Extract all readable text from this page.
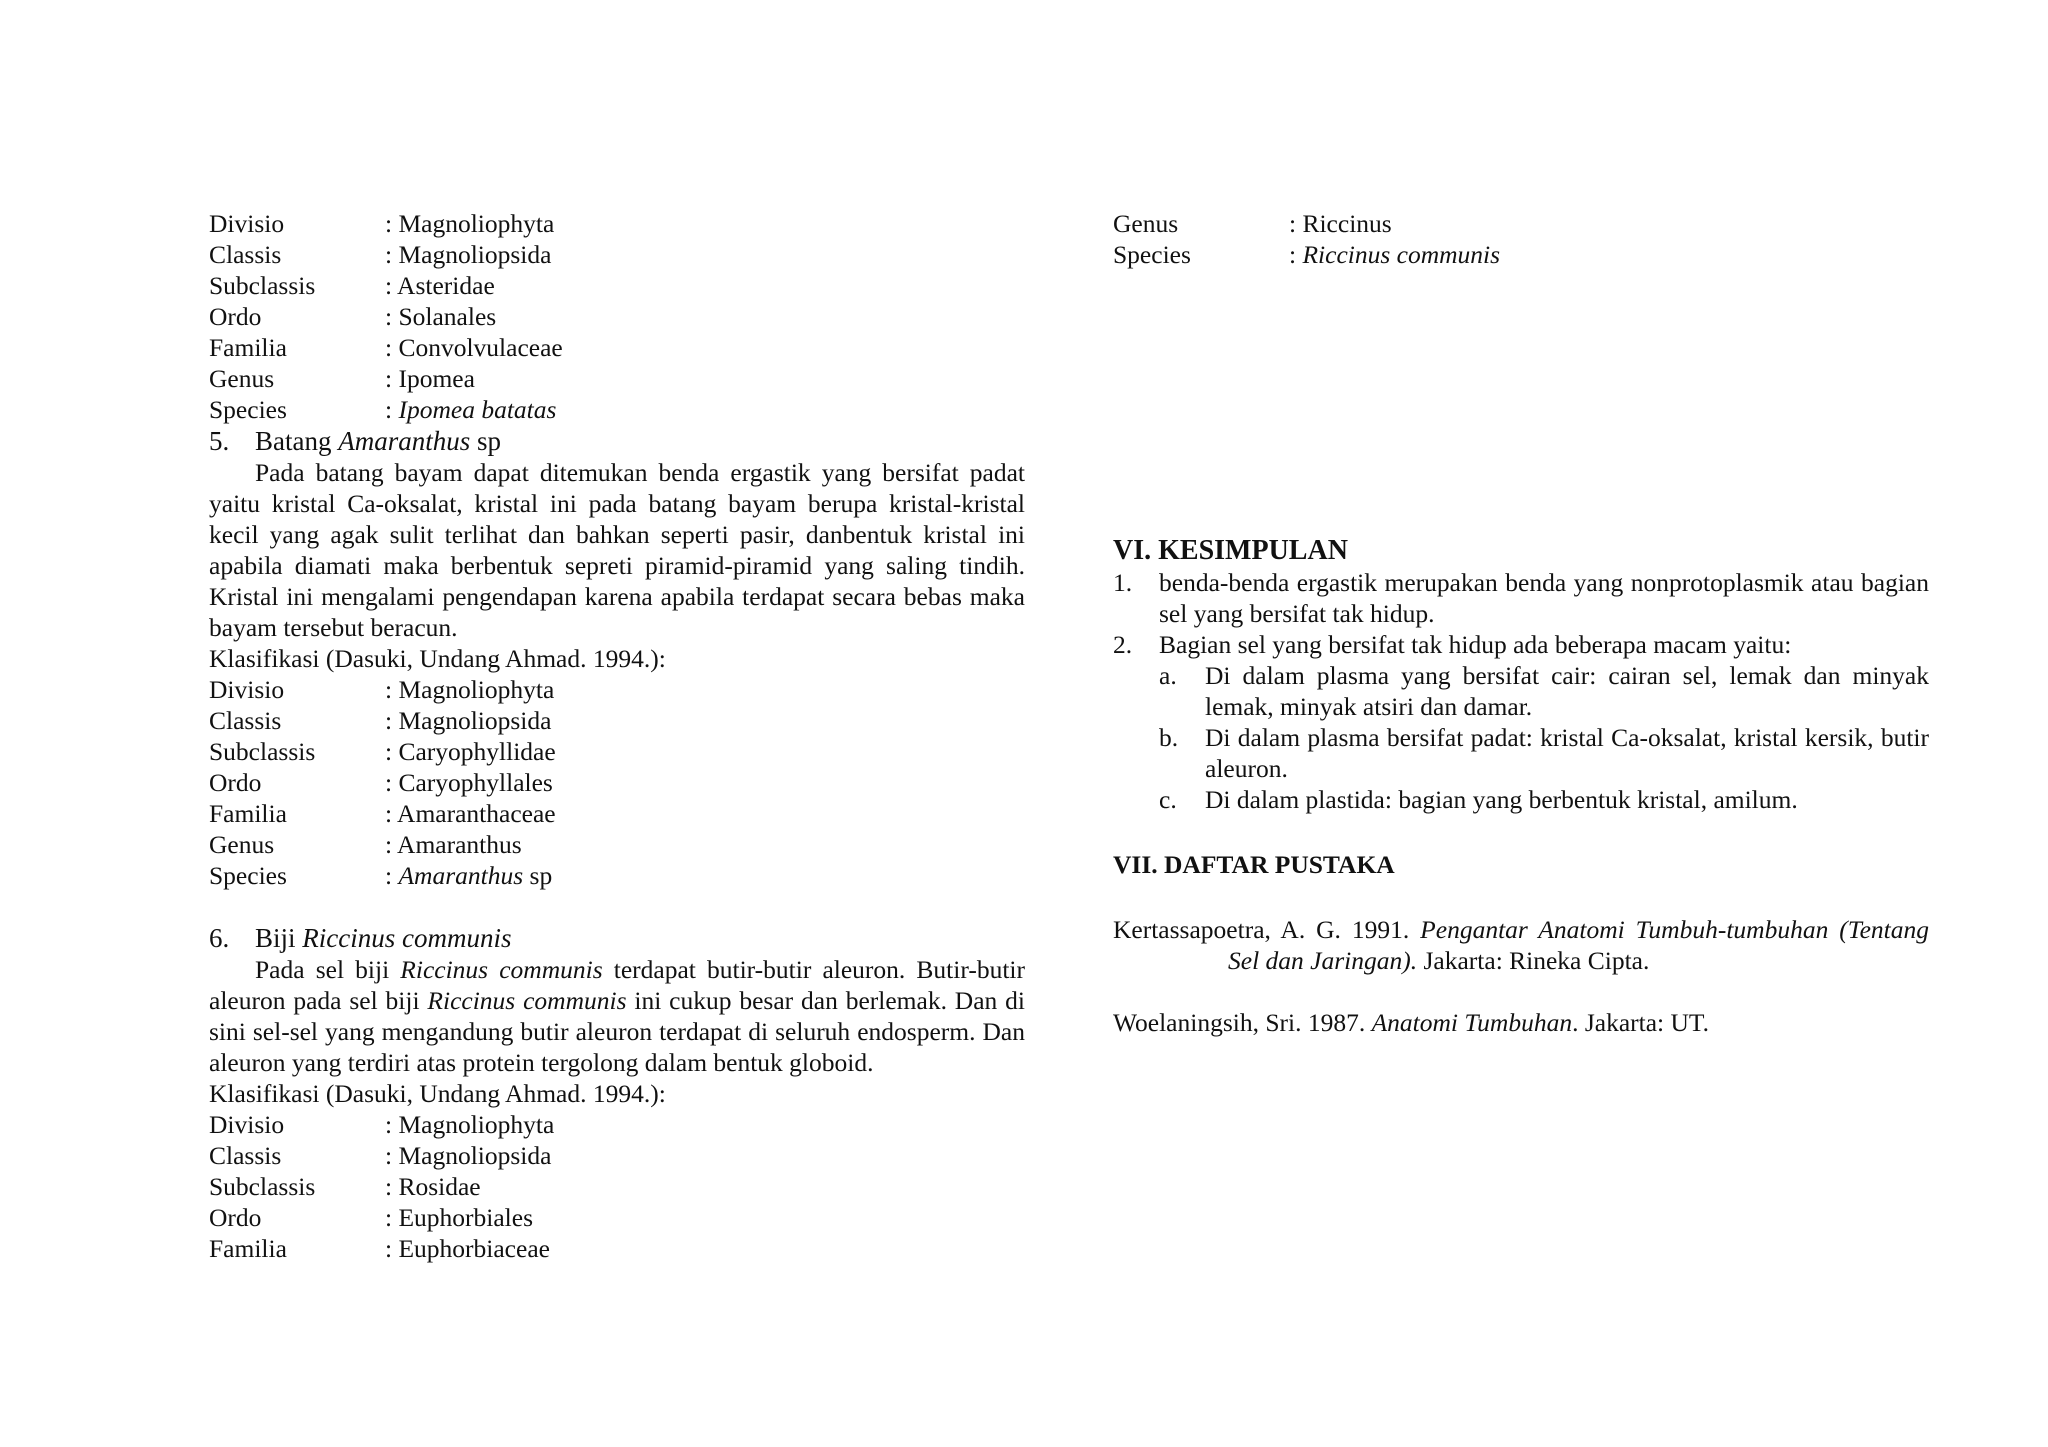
Divisio	: Magnoliophyta
Classis	: Magnoliopsida
Subclassis	: Asteridae
Ordo	: Solanales
Familia	: Convolvulaceae
Genus	: Ipomea
Species	: Ipomea batatas
5. Batang Amaranthus sp

Pada batang bayam dapat ditemukan benda ergastik yang bersifat padat yaitu kristal Ca-oksalat, kristal ini pada batang bayam berupa kristal-kristal kecil yang agak sulit terlihat dan bahkan seperti pasir, danbentuk kristal ini apabila diamati maka berbentuk sepreti piramid-piramid yang saling tindih. Kristal ini mengalami pengendapan karena apabila terdapat secara bebas maka bayam tersebut beracun.

Klasifikasi (Dasuki, Undang Ahmad. 1994.):
Divisio	: Magnoliophyta
Classis	: Magnoliopsida
Subclassis	: Caryophyllidae
Ordo	: Caryophyllales
Familia	: Amaranthaceae
Genus	: Amaranthus
Species	: Amaranthus sp
6. Biji Riccinus communis

Pada sel biji Riccinus communis terdapat butir-butir aleuron. Butir-butir aleuron pada sel biji Riccinus communis ini cukup besar dan berlemak. Dan di sini sel-sel yang mengandung butir aleuron terdapat di seluruh endosperm. Dan aleuron yang terdiri atas protein tergolong dalam bentuk globoid.

Klasifikasi (Dasuki, Undang Ahmad. 1994.):
Divisio	: Magnoliophyta
Classis	: Magnoliopsida
Subclassis	: Rosidae
Ordo	: Euphorbiales
Familia	: Euphorbiaceae
Genus	: Riccinus
Species	: Riccinus communis
VI. KESIMPULAN
1.	benda-benda ergastik merupakan benda yang nonprotoplasmik atau bagian sel yang bersifat tak hidup.
2.	Bagian sel yang bersifat tak hidup ada beberapa macam yaitu:
a.	Di dalam plasma yang bersifat cair: cairan sel, lemak dan minyak lemak, minyak atsiri dan damar.
b.	Di dalam plasma bersifat padat: kristal Ca-oksalat, kristal kersik, butir aleuron.
c.	Di dalam plastida: bagian yang berbentuk kristal, amilum.
VII. DAFTAR PUSTAKA
Kertassapoetra, A. G. 1991. Pengantar Anatomi Tumbuh-tumbuhan (Tentang Sel dan Jaringan). Jakarta: Rineka Cipta.
Woelaningsih, Sri. 1987. Anatomi Tumbuhan. Jakarta: UT.
